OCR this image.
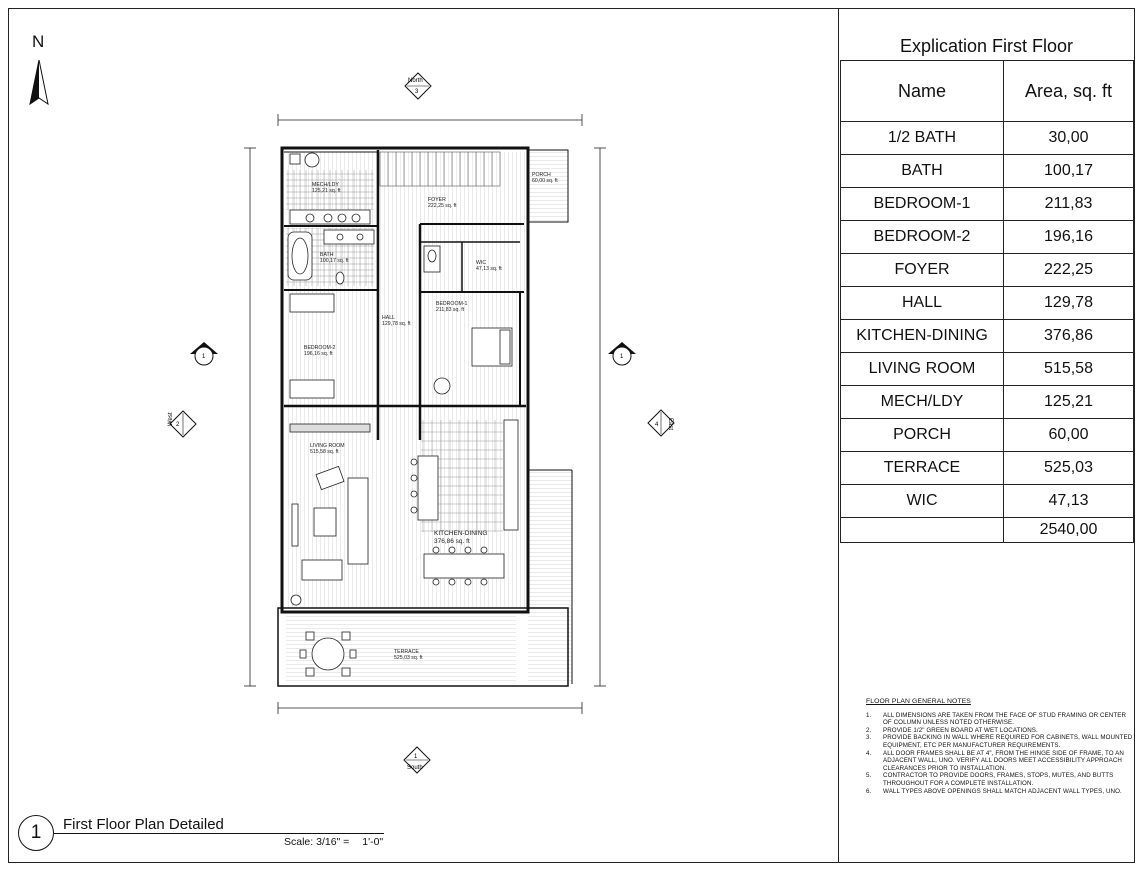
N
MECH/LDY
125,21 sq. ft
FOYER
222,25 sq. ft
PORCH
60,00 sq. ft
BATH
100,17 sq. ft	WIC
47,13 sq. ft
BEDROOM-1
211,83 sq. ft
HALL
129,78 sq. ft
BEDROOM-2
196,16 sq. ft
LIVING ROOM
515,58 sq. ft
KITCHEN-DINING
376,86 sq. ft
TERRACE
525,03 sq. ft
North
3
1
South
West 2	4 East
1	1
Explication First Floor
Name	Area, sq. ft
1/2 BATH	30,00
BATH	100,17
BEDROOM-1	211,83
BEDROOM-2	196,16
FOYER	222,25
HALL	129,78
KITCHEN-DINING	376,86
LIVING ROOM	515,58
MECH/LDY	125,21
PORCH	60,00
TERRACE	525,03
WIC	47,13
	2540,00
FLOOR PLAN GENERAL NOTES
1.	ALL DIMENSIONS ARE TAKEN FROM THE FACE OF STUD FRAMING OR CENTER OF COLUMN UNLESS NOTED OTHERWISE.
2.	PROVIDE 1/2" GREEN BOARD AT WET LOCATIONS.
3.	PROVIDE BACKING IN WALL WHERE REQUIRED FOR CABINETS, WALL MOUNTED EQUIPMENT, ETC PER MANUFACTURER REQUIREMENTS.
4.	ALL DOOR FRAMES SHALL BE AT 4", FROM THE HINGE SIDE OF FRAME, TO AN ADJACENT WALL, UNO. VERIFY ALL DOORS MEET ACCESSIBILITY APPROACH CLEARANCES PRIOR TO INSTALLATION.
5.	CONTRACTOR TO PROVIDE DOORS, FRAMES, STOPS, MUTES, AND BUTTS THROUGHOUT FOR A COMPLETE INSTALLATION.
6.	WALL TYPES ABOVE OPENINGS SHALL MATCH ADJACENT WALL TYPES, UNO.
1	First Floor Plan Detailed
Scale: 3/16" = 1'-0"
